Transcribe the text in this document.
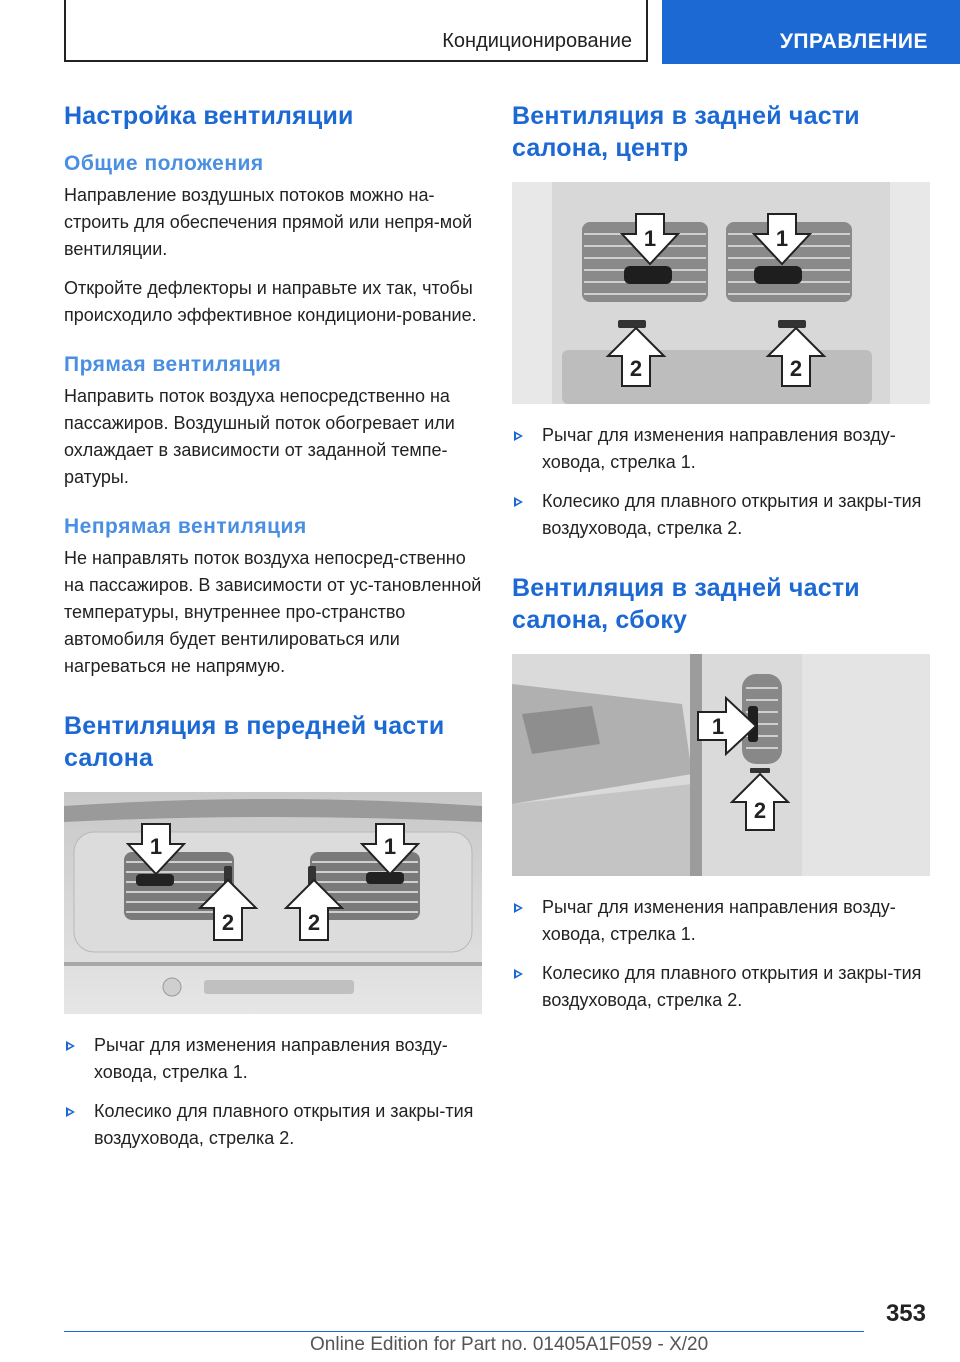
Кондиционирование	УПРАВЛЕНИЕ
Настройка вентиляции
Общие положения

Направление воздушных потоков можно на-строить для обеспечения прямой или непря-мой вентиляции.

Откройте дефлекторы и направьте их так, чтобы происходило эффективное кондициони-рование.

Прямая вентиляция

Направить поток воздуха непосредственно на пассажиров. Воздушный поток обогревает или охлаждает в зависимости от заданной темпе-ратуры.

Непрямая вентиляция

Не направлять поток воздуха непосред-ственно на пассажиров. В зависимости от ус-тановленной температуры, внутреннее про-странство автомобиля будет вентилироваться или нагреваться не напрямую.

Вентиляция в передней части салона
1	1
2	2
Рычаг для изменения направления возду-ховода, стрелка 1.
Колесико для плавного открытия и закры-тия воздуховода, стрелка 2.
Вентиляция в задней части салона, центр
1	1
2	2
Рычаг для изменения направления возду-ховода, стрелка 1.
Колесико для плавного открытия и закры-тия воздуховода, стрелка 2.
Вентиляция в задней части салона, сбоку
1
2
Рычаг для изменения направления возду-ховода, стрелка 1.
Колесико для плавного открытия и закры-тия воздуховода, стрелка 2.
353
Online Edition for Part no. 01405A1F059 - X/20
